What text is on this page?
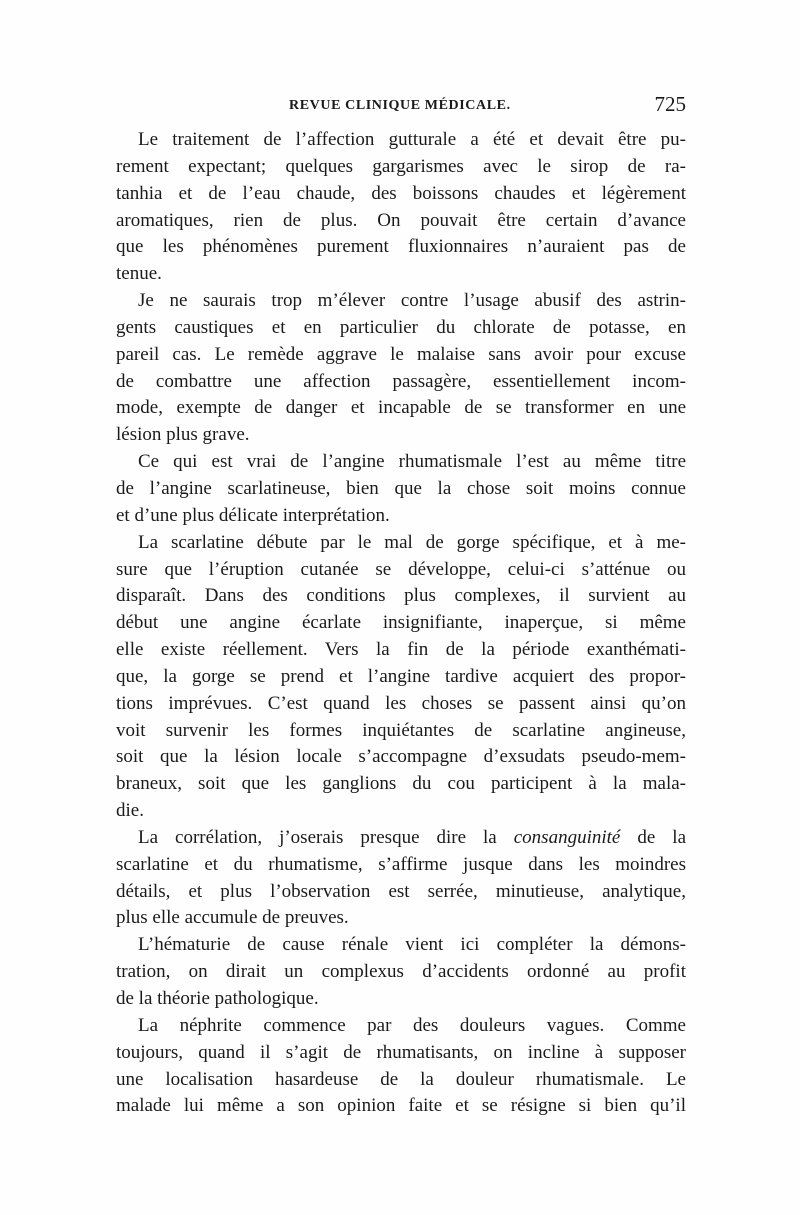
REVUE CLINIQUE MÉDICALE.	725
Le traitement de l’affection gutturale a été et devait être pu-
rement expectant; quelques gargarismes avec le sirop de ra-
tanhia et de l’eau chaude, des boissons chaudes et légèrement
aromatiques, rien de plus. On pouvait être certain d’avance
que les phénomènes purement fluxionnaires n’auraient pas de
tenue.
Je ne saurais trop m’élever contre l’usage abusif des astrin-
gents caustiques et en particulier du chlorate de potasse, en
pareil cas. Le remède aggrave le malaise sans avoir pour excuse
de combattre une affection passagère, essentiellement incom-
mode, exempte de danger et incapable de se transformer en une
lésion plus grave.
Ce qui est vrai de l’angine rhumatismale l’est au même titre
de l’angine scarlatineuse, bien que la chose soit moins connue
et d’une plus délicate interprétation.
La scarlatine débute par le mal de gorge spécifique, et à me-
sure que l’éruption cutanée se développe, celui-ci s’atténue ou
disparaît. Dans des conditions plus complexes, il survient au
début une angine écarlate insignifiante, inaperçue, si même
elle existe réellement. Vers la fin de la période exanthémati-
que, la gorge se prend et l’angine tardive acquiert des propor-
tions imprévues. C’est quand les choses se passent ainsi qu’on
voit survenir les formes inquiétantes de scarlatine angineuse,
soit que la lésion locale s’accompagne d’exsudats pseudo-mem-
braneux, soit que les ganglions du cou participent à la mala-
die.
La corrélation, j’oserais presque dire la consanguinité de la
scarlatine et du rhumatisme, s’affirme jusque dans les moindres
détails, et plus l’observation est serrée, minutieuse, analytique,
plus elle accumule de preuves.
L’hématurie de cause rénale vient ici compléter la démons-
tration, on dirait un complexus d’accidents ordonné au profit
de la théorie pathologique.
La néphrite commence par des douleurs vagues. Comme
toujours, quand il s’agit de rhumatisants, on incline à supposer
une localisation hasardeuse de la douleur rhumatismale. Le
malade lui même a son opinion faite et se résigne si bien qu’il
